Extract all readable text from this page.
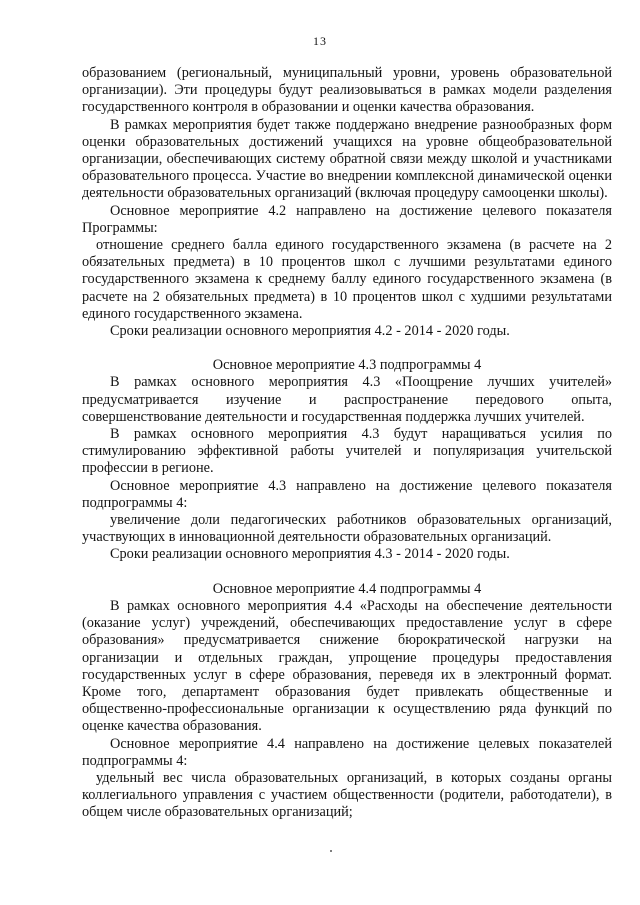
13

образованием (региональный, муниципальный уровни, уровень образовательной организации). Эти процедуры будут реализовываться в рамках модели разделения государственного контроля в образовании и оценки качества образования.

В рамках мероприятия будет также поддержано внедрение разнообразных форм оценки образовательных достижений учащихся на уровне общеобразовательной организации, обеспечивающих систему обратной связи между школой и участниками образовательного процесса. Участие во внедрении комплексной динамической оценки деятельности образовательных организаций (включая процедуру самооценки школы).

Основное мероприятие 4.2 направлено на достижение целевого показателя Программы:

отношение среднего балла единого государственного экзамена (в расчете на 2 обязательных предмета) в 10 процентов школ с лучшими результатами единого государственного экзамена к среднему баллу единого государственного экзамена (в расчете на 2 обязательных предмета) в 10 процентов школ с худшими результатами единого государственного экзамена.

Сроки реализации основного мероприятия 4.2 - 2014 - 2020 годы.

Основное мероприятие 4.3 подпрограммы 4

В рамках основного мероприятия 4.3 «Поощрение лучших учителей» предусматривается изучение и распространение передового опыта, совершенствование деятельности и государственная поддержка лучших учителей.

В рамках основного мероприятия 4.3 будут наращиваться усилия по стимулированию эффективной работы учителей и популяризация учительской профессии в регионе.

Основное мероприятие 4.3 направлено на достижение целевого показателя подпрограммы 4:

увеличение доли педагогических работников образовательных организаций, участвующих в инновационной деятельности образовательных организаций.

Сроки реализации основного мероприятия 4.3 - 2014 - 2020 годы.

Основное мероприятие 4.4 подпрограммы 4

В рамках основного мероприятия 4.4 «Расходы на обеспечение деятельности (оказание услуг) учреждений, обеспечивающих предоставление услуг в сфере образования» предусматривается снижение бюрократической нагрузки на организации и отдельных граждан, упрощение процедуры предоставления государственных услуг в сфере образования, переведя их в электронный формат. Кроме того, департамент образования будет привлекать общественные и общественно-профессиональные организации к осуществлению ряда функций по оценке качества образования.

Основное мероприятие 4.4 направлено на достижение целевых показателей подпрограммы 4:

удельный вес числа образовательных организаций, в которых созданы органы коллегиального управления с участием общественности (родители, работодатели), в общем числе образовательных организаций;
